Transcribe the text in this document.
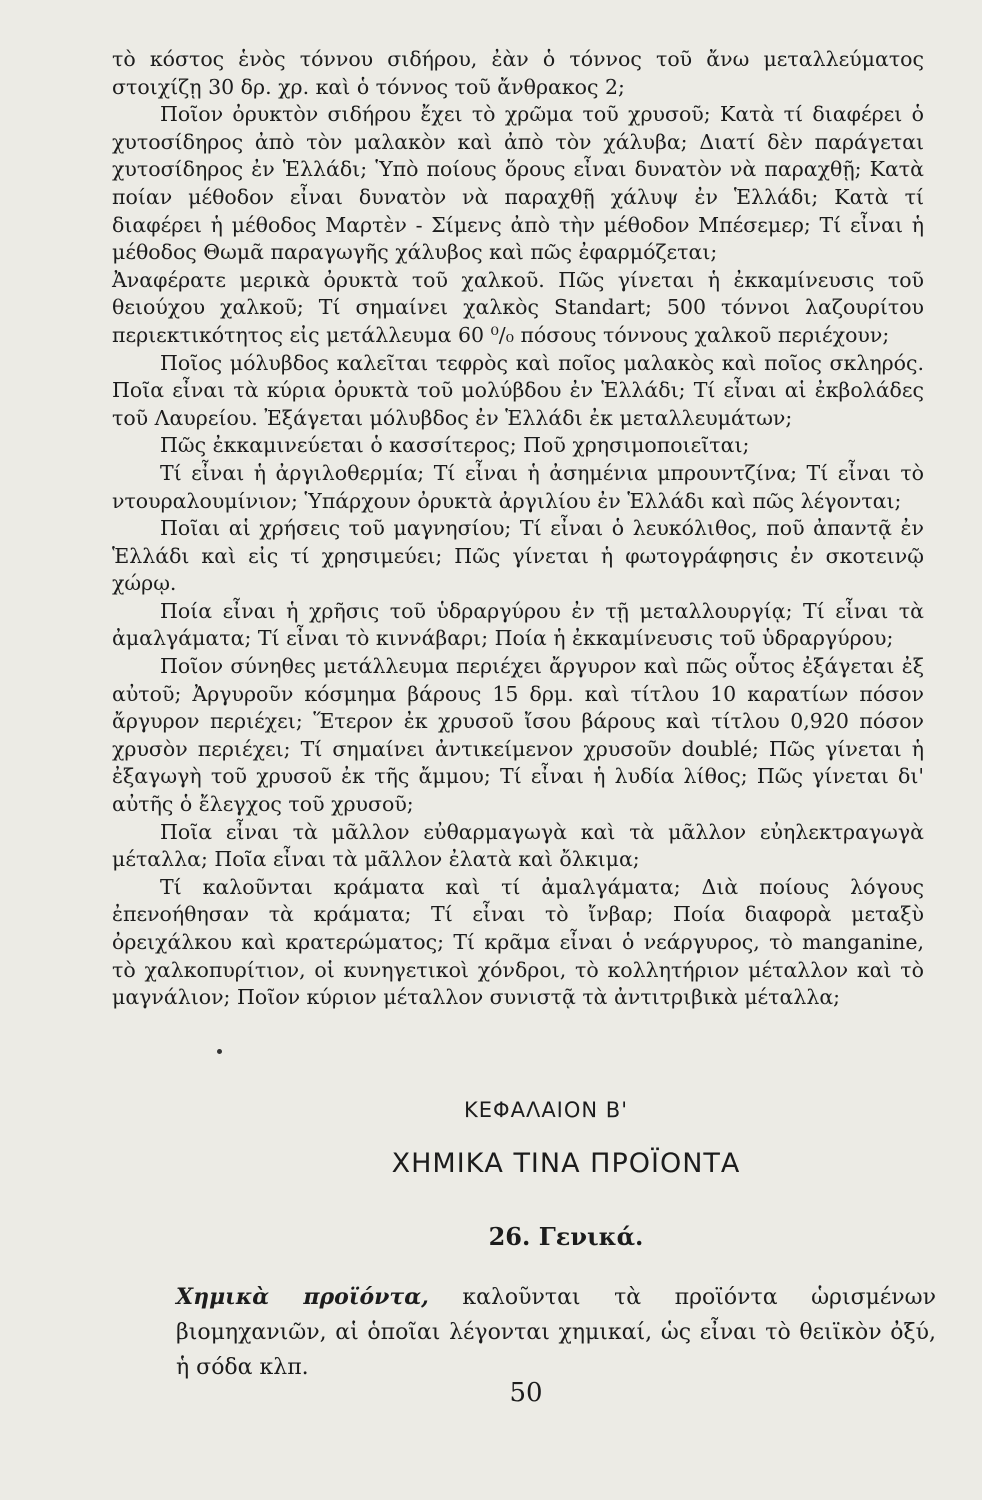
τὸ κόστος ἑνὸς τόννου σιδήρου, ἐὰν ὁ τόννος τοῦ ἄνω μεταλλεύματος στοιχίζῃ 30 δρ. χρ. καὶ ὁ τόννος τοῦ ἄνθρακος 2;

Ποῖον ὀρυκτὸν σιδήρου ἔχει τὸ χρῶμα τοῦ χρυσοῦ; Κατὰ τί διαφέρει ὁ χυτοσίδηρος ἀπὸ τὸν μαλακὸν καὶ ἀπὸ τὸν χάλυβα; Διατί δὲν παράγεται χυτοσίδηρος ἐν Ἑλλάδι; Ὑπὸ ποίους ὅρους εἶναι δυνατὸν νὰ παραχθῇ; Κατὰ ποίαν μέθοδον εἶναι δυνατὸν νὰ παραχθῇ χάλυψ ἐν Ἑλλάδι; Κατὰ τί διαφέρει ἡ μέθοδος Μαρτὲν - Σίμενς ἀπὸ τὴν μέθοδον Μπέσεμερ; Τί εἶναι ἡ μέθοδος Θωμᾶ παραγωγῆς χάλυβος καὶ πῶς ἐφαρμόζεται;

Ἀναφέρατε μερικὰ ὀρυκτὰ τοῦ χαλκοῦ. Πῶς γίνεται ἡ ἐκκαμίνευσις τοῦ θειούχου χαλκοῦ; Τί σημαίνει χαλκὸς Standart; 500 τόννοι λαζουρίτου περιεκτικότητος εἰς μετάλλευμα 60 ⁰/₀ πόσους τόννους χαλκοῦ περιέχουν;

Ποῖος μόλυβδος καλεῖται τεφρὸς καὶ ποῖος μαλακὸς καὶ ποῖος σκληρός. Ποῖα εἶναι τὰ κύρια ὀρυκτὰ τοῦ μολύβδου ἐν Ἑλλάδι; Τί εἶναι αἱ ἐκβολάδες τοῦ Λαυρείου. Ἐξάγεται μόλυβδος ἐν Ἑλλάδι ἐκ μεταλλευμάτων;

Πῶς ἐκκαμινεύεται ὁ κασσίτερος; Ποῦ χρησιμοποιεῖται;

Τί εἶναι ἡ ἀργιλοθερμία; Τί εἶναι ἡ ἀσημένια μπρουντζίνα; Τί εἶναι τὸ ντουραλουμίνιον; Ὑπάρχουν ὀρυκτὰ ἀργιλίου ἐν Ἑλλάδι καὶ πῶς λέγονται;

Ποῖαι αἱ χρήσεις τοῦ μαγνησίου; Τί εἶναι ὁ λευκόλιθος, ποῦ ἀπαντᾷ ἐν Ἑλλάδι καὶ εἰς τί χρησιμεύει; Πῶς γίνεται ἡ φωτογράφησις ἐν σκοτεινῷ χώρῳ.

Ποία εἶναι ἡ χρῆσις τοῦ ὑδραργύρου ἐν τῇ μεταλλουργίᾳ; Τί εἶναι τὰ ἀμαλγάματα; Τί εἶναι τὸ κιννάβαρι; Ποία ἡ ἐκκαμίνευσις τοῦ ὑδραργύρου;

Ποῖον σύνηθες μετάλλευμα περιέχει ἄργυρον καὶ πῶς οὗτος ἐξάγεται ἐξ αὐτοῦ; Ἀργυροῦν κόσμημα βάρους 15 δρμ. καὶ τίτλου 10 καρατίων πόσον ἄργυρον περιέχει; Ἕτερον ἐκ χρυσοῦ ἴσου βάρους καὶ τίτλου 0,920 πόσον χρυσὸν περιέχει; Τί σημαίνει ἀντικείμενον χρυσοῦν doublé; Πῶς γίνεται ἡ ἐξαγωγὴ τοῦ χρυσοῦ ἐκ τῆς ἄμμου; Τί εἶναι ἡ λυδία λίθος; Πῶς γίνεται δι' αὐτῆς ὁ ἔλεγχος τοῦ χρυσοῦ;

Ποῖα εἶναι τὰ μᾶλλον εὐθαρμαγωγὰ καὶ τὰ μᾶλλον εὐηλεκτραγωγὰ μέταλλα; Ποῖα εἶναι τὰ μᾶλλον ἐλατὰ καὶ ὄλκιμα;

Τί καλοῦνται κράματα καὶ τί ἀμαλγάματα; Διὰ ποίους λόγους ἐπενοήθησαν τὰ κράματα; Τί εἶναι τὸ ἴνβαρ; Ποία διαφορὰ μεταξὺ ὀρειχάλκου καὶ κρατερώματος; Τί κρᾶμα εἶναι ὁ νεάργυρος, τὸ manganine, τὸ χαλκοπυρίτιον, οἱ κυνηγετικοὶ χόνδροι, τὸ κολλητήριον μέταλλον καὶ τὸ μαγνάλιον; Ποῖον κύριον μέταλλον συνιστᾷ τὰ ἀντιτριβικὰ μέταλλα;

ΚΕΦΑΛΑΙΟΝ Β'
ΧΗΜΙΚΑ ΤΙΝΑ ΠΡΟΪΟΝΤΑ
26. Γενικά.
Χημικὰ προϊόντα, καλοῦνται τὰ προϊόντα ὡρισμένων βιομηχανιῶν, αἱ ὁποῖαι λέγονται χημικαί, ὡς εἶναι τὸ θειϊκὸν ὀξύ, ἡ σόδα κλπ.
50
